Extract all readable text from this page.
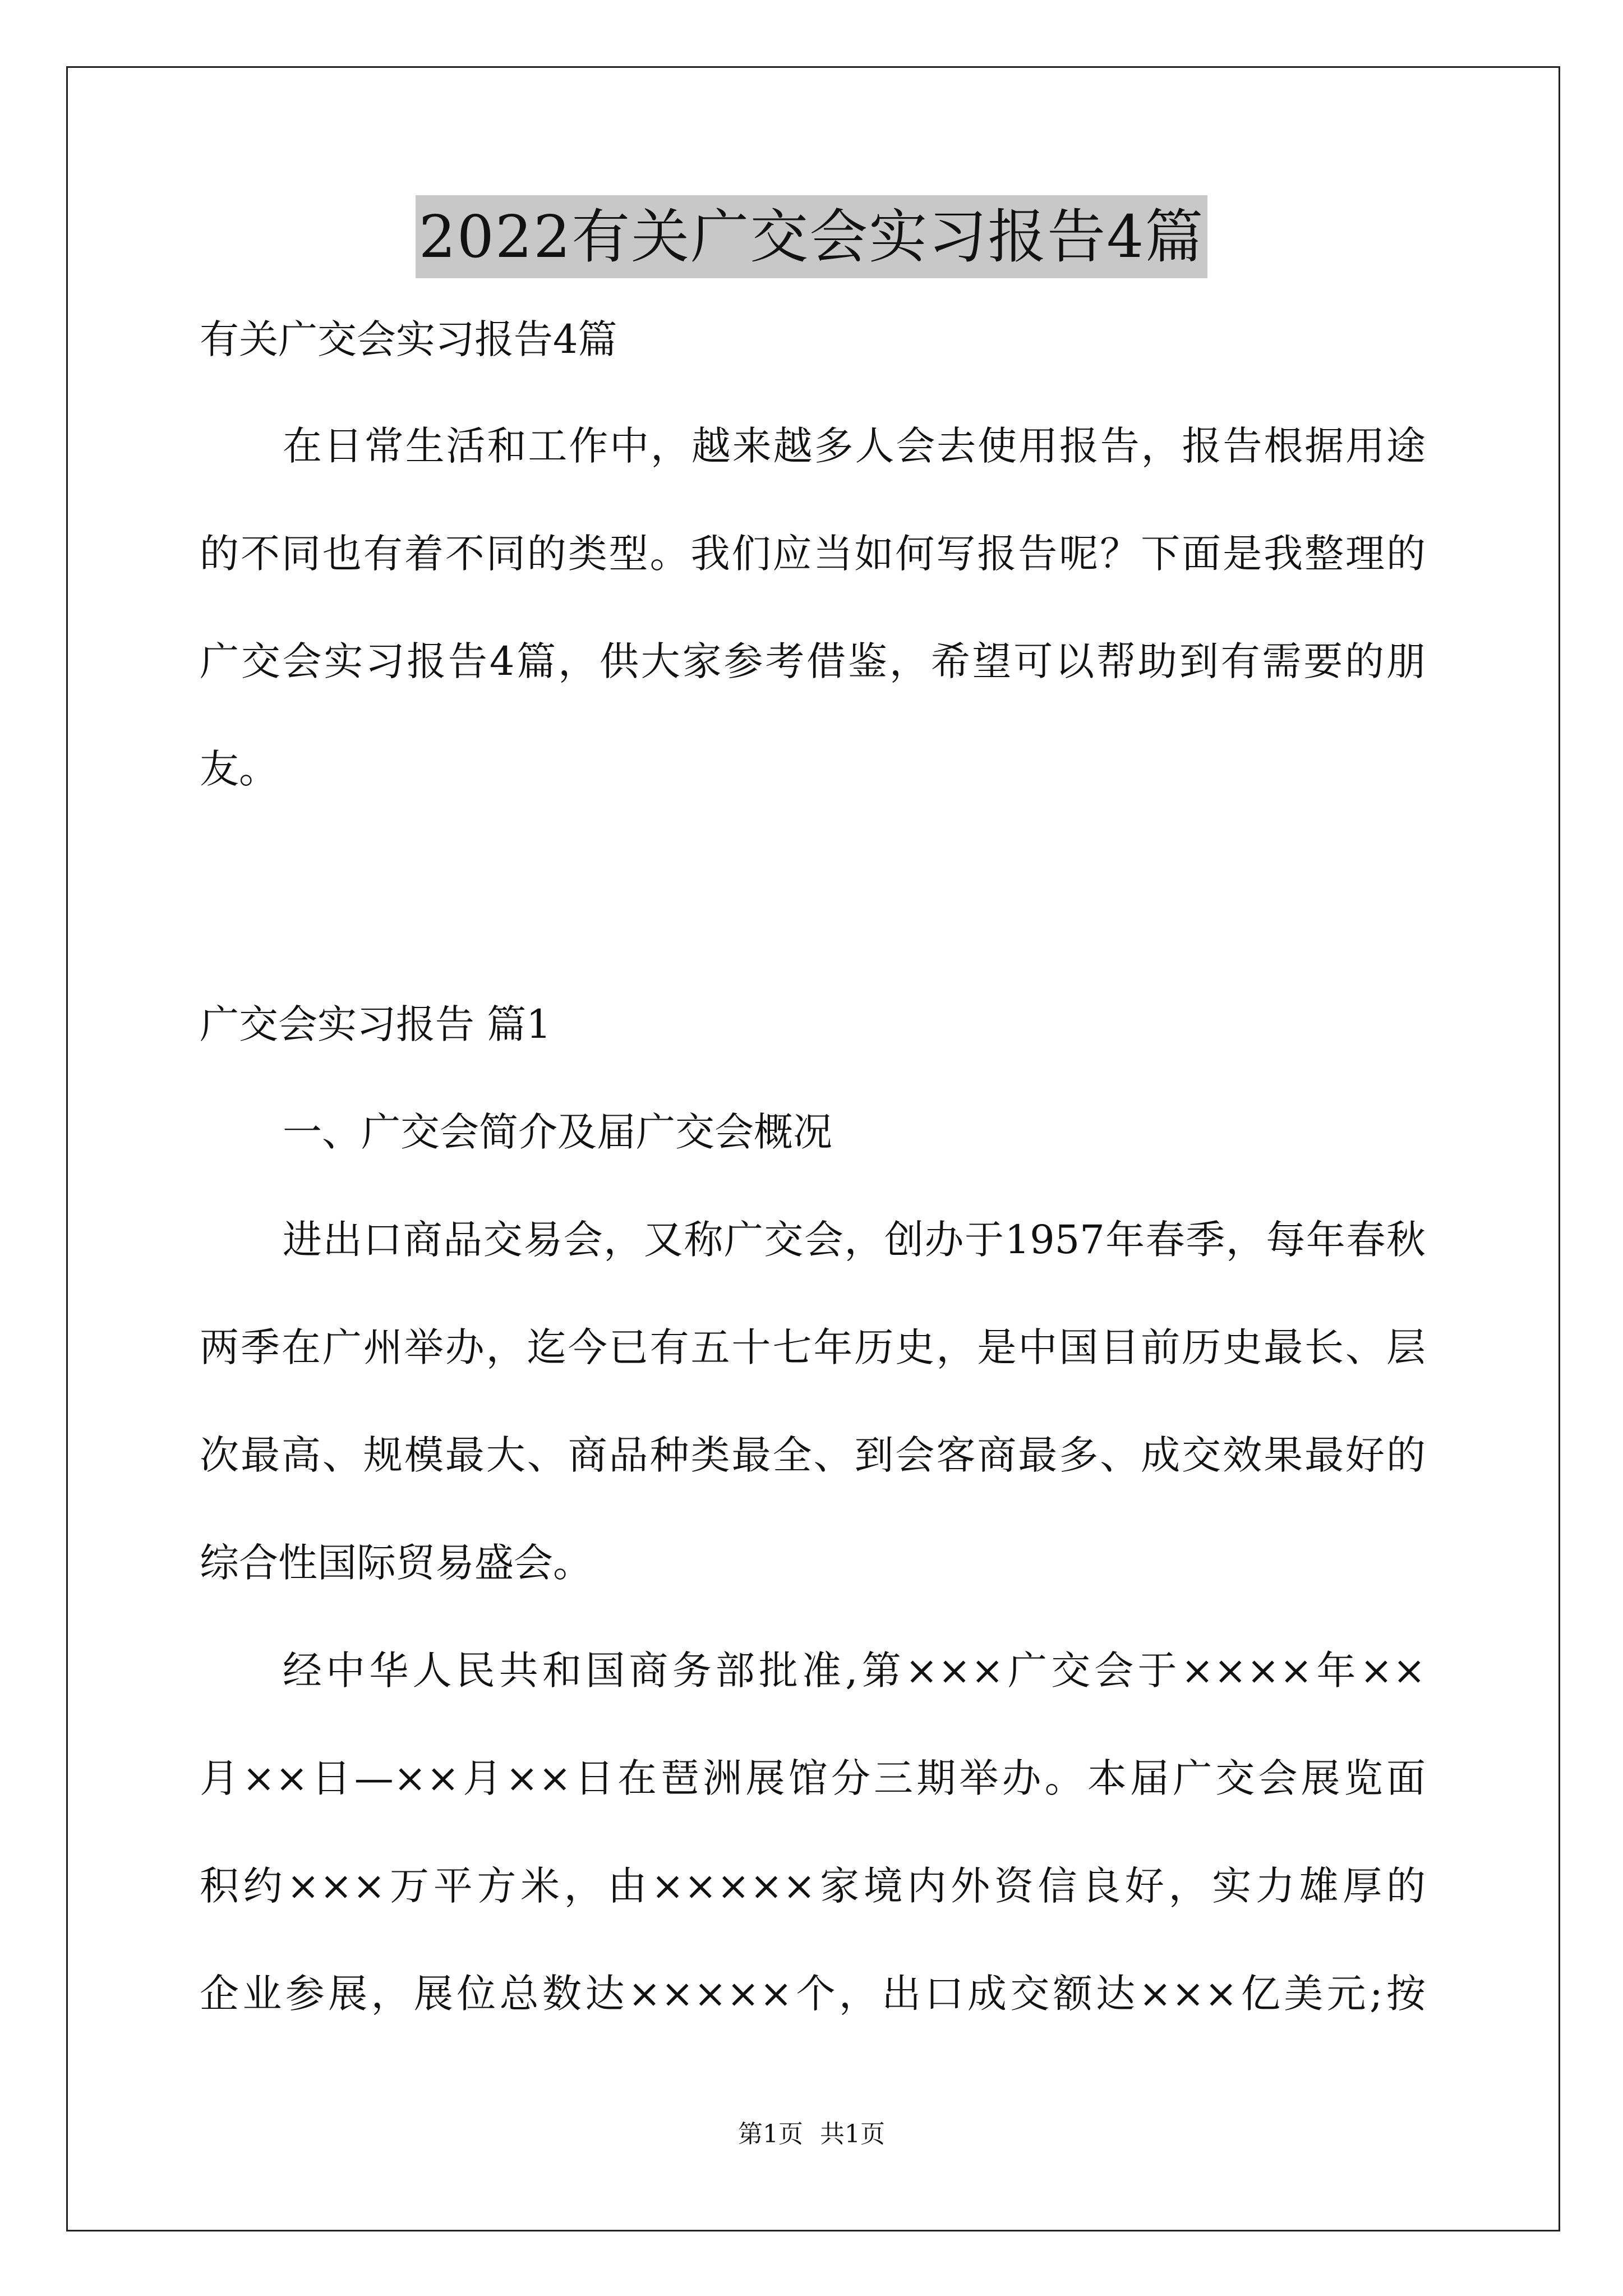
2022有关广交会实习报告4篇
有关广交会实习报告4篇
在日常生活和工作中，越来越多人会去使用报告，报告根据用途
的不同也有着不同的类型。我们应当如何写报告呢？下面是我整理的
广交会实习报告4篇，供大家参考借鉴，希望可以帮助到有需要的朋
友。
广交会实习报告 篇1
一、广交会简介及届广交会概况
进出口商品交易会，又称广交会，创办于1957年春季，每年春秋
两季在广州举办，迄今已有五十七年历史，是中国目前历史最长、层
次最高、规模最大、商品种类最全、到会客商最多、成交效果最好的
综合性国际贸易盛会。
经中华人民共和国商务部批准,第×××广交会于××××年××
月××日—××月××日在琶洲展馆分三期举办。本届广交会展览面
积约×××万平方米，由×××××家境内外资信良好，实力雄厚的
企业参展，展位总数达×××××个，出口成交额达×××亿美元;按
第1页 共1页
